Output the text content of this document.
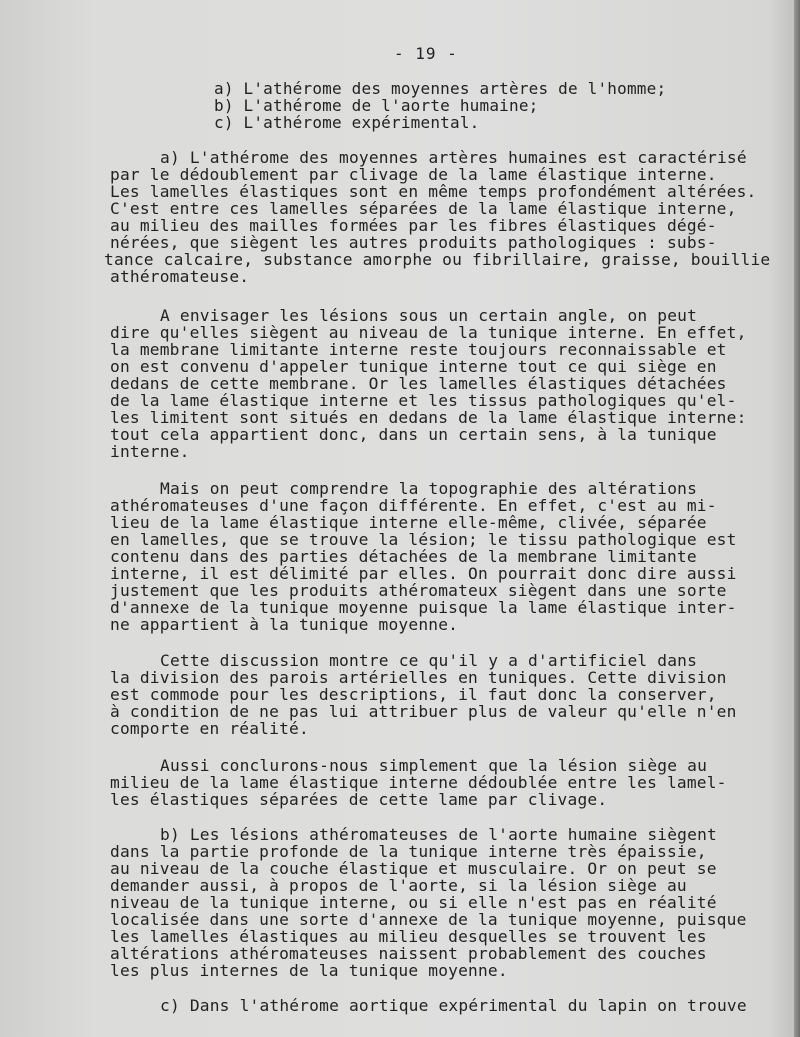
- 19 -
a) L'athérome des moyennes artères de l'homme;
b) L'athérome de l'aorte humaine;
c) L'athérome expérimental.
a) L'athérome des moyennes artères humaines est caractérisé
par le dédoublement par clivage de la lame élastique interne.
Les lamelles élastiques sont en même temps profondément altérées.
C'est entre ces lamelles séparées de la lame élastique interne,
au milieu des mailles formées par les fibres élastiques dégé-
nérées, que siègent les autres produits pathologiques : subs-
tance calcaire, substance amorphe ou fibrillaire, graisse, bouillie
athéromateuse.
A envisager les lésions sous un certain angle, on peut
dire qu'elles siègent au niveau de la tunique interne. En effet,
la membrane limitante interne reste toujours reconnaissable et
on est convenu d'appeler tunique interne tout ce qui siège en
dedans de cette membrane. Or les lamelles élastiques détachées
de la lame élastique interne et les tissus pathologiques qu'el-
les limitent sont situés en dedans de la lame élastique interne:
tout cela appartient donc, dans un certain sens, à la tunique
interne.
Mais on peut comprendre la topographie des altérations
athéromateuses d'une façon différente. En effet, c'est au mi-
lieu de la lame élastique interne elle-même, clivée, séparée
en lamelles, que se trouve la lésion; le tissu pathologique est
contenu dans des parties détachées de la membrane limitante
interne, il est délimité par elles. On pourrait donc dire aussi
justement que les produits athéromateux siègent dans une sorte
d'annexe de la tunique moyenne puisque la lame élastique inter-
ne appartient à la tunique moyenne.
Cette discussion montre ce qu'il y a d'artificiel dans
la division des parois artérielles en tuniques. Cette division
est commode pour les descriptions, il faut donc la conserver,
à condition de ne pas lui attribuer plus de valeur qu'elle n'en
comporte en réalité.
Aussi conclurons-nous simplement que la lésion siège au
milieu de la lame élastique interne dédoublée entre les lamel-
les élastiques séparées de cette lame par clivage.
b) Les lésions athéromateuses de l'aorte humaine siègent
dans la partie profonde de la tunique interne très épaissie,
au niveau de la couche élastique et musculaire. Or on peut se
demander aussi, à propos de l'aorte, si la lésion siège au
niveau de la tunique interne, ou si elle n'est pas en réalité
localisée dans une sorte d'annexe de la tunique moyenne, puisque
les lamelles élastiques au milieu desquelles se trouvent les
altérations athéromateuses naissent probablement des couches
les plus internes de la tunique moyenne.
c) Dans l'athérome aortique expérimental du lapin on trouve
